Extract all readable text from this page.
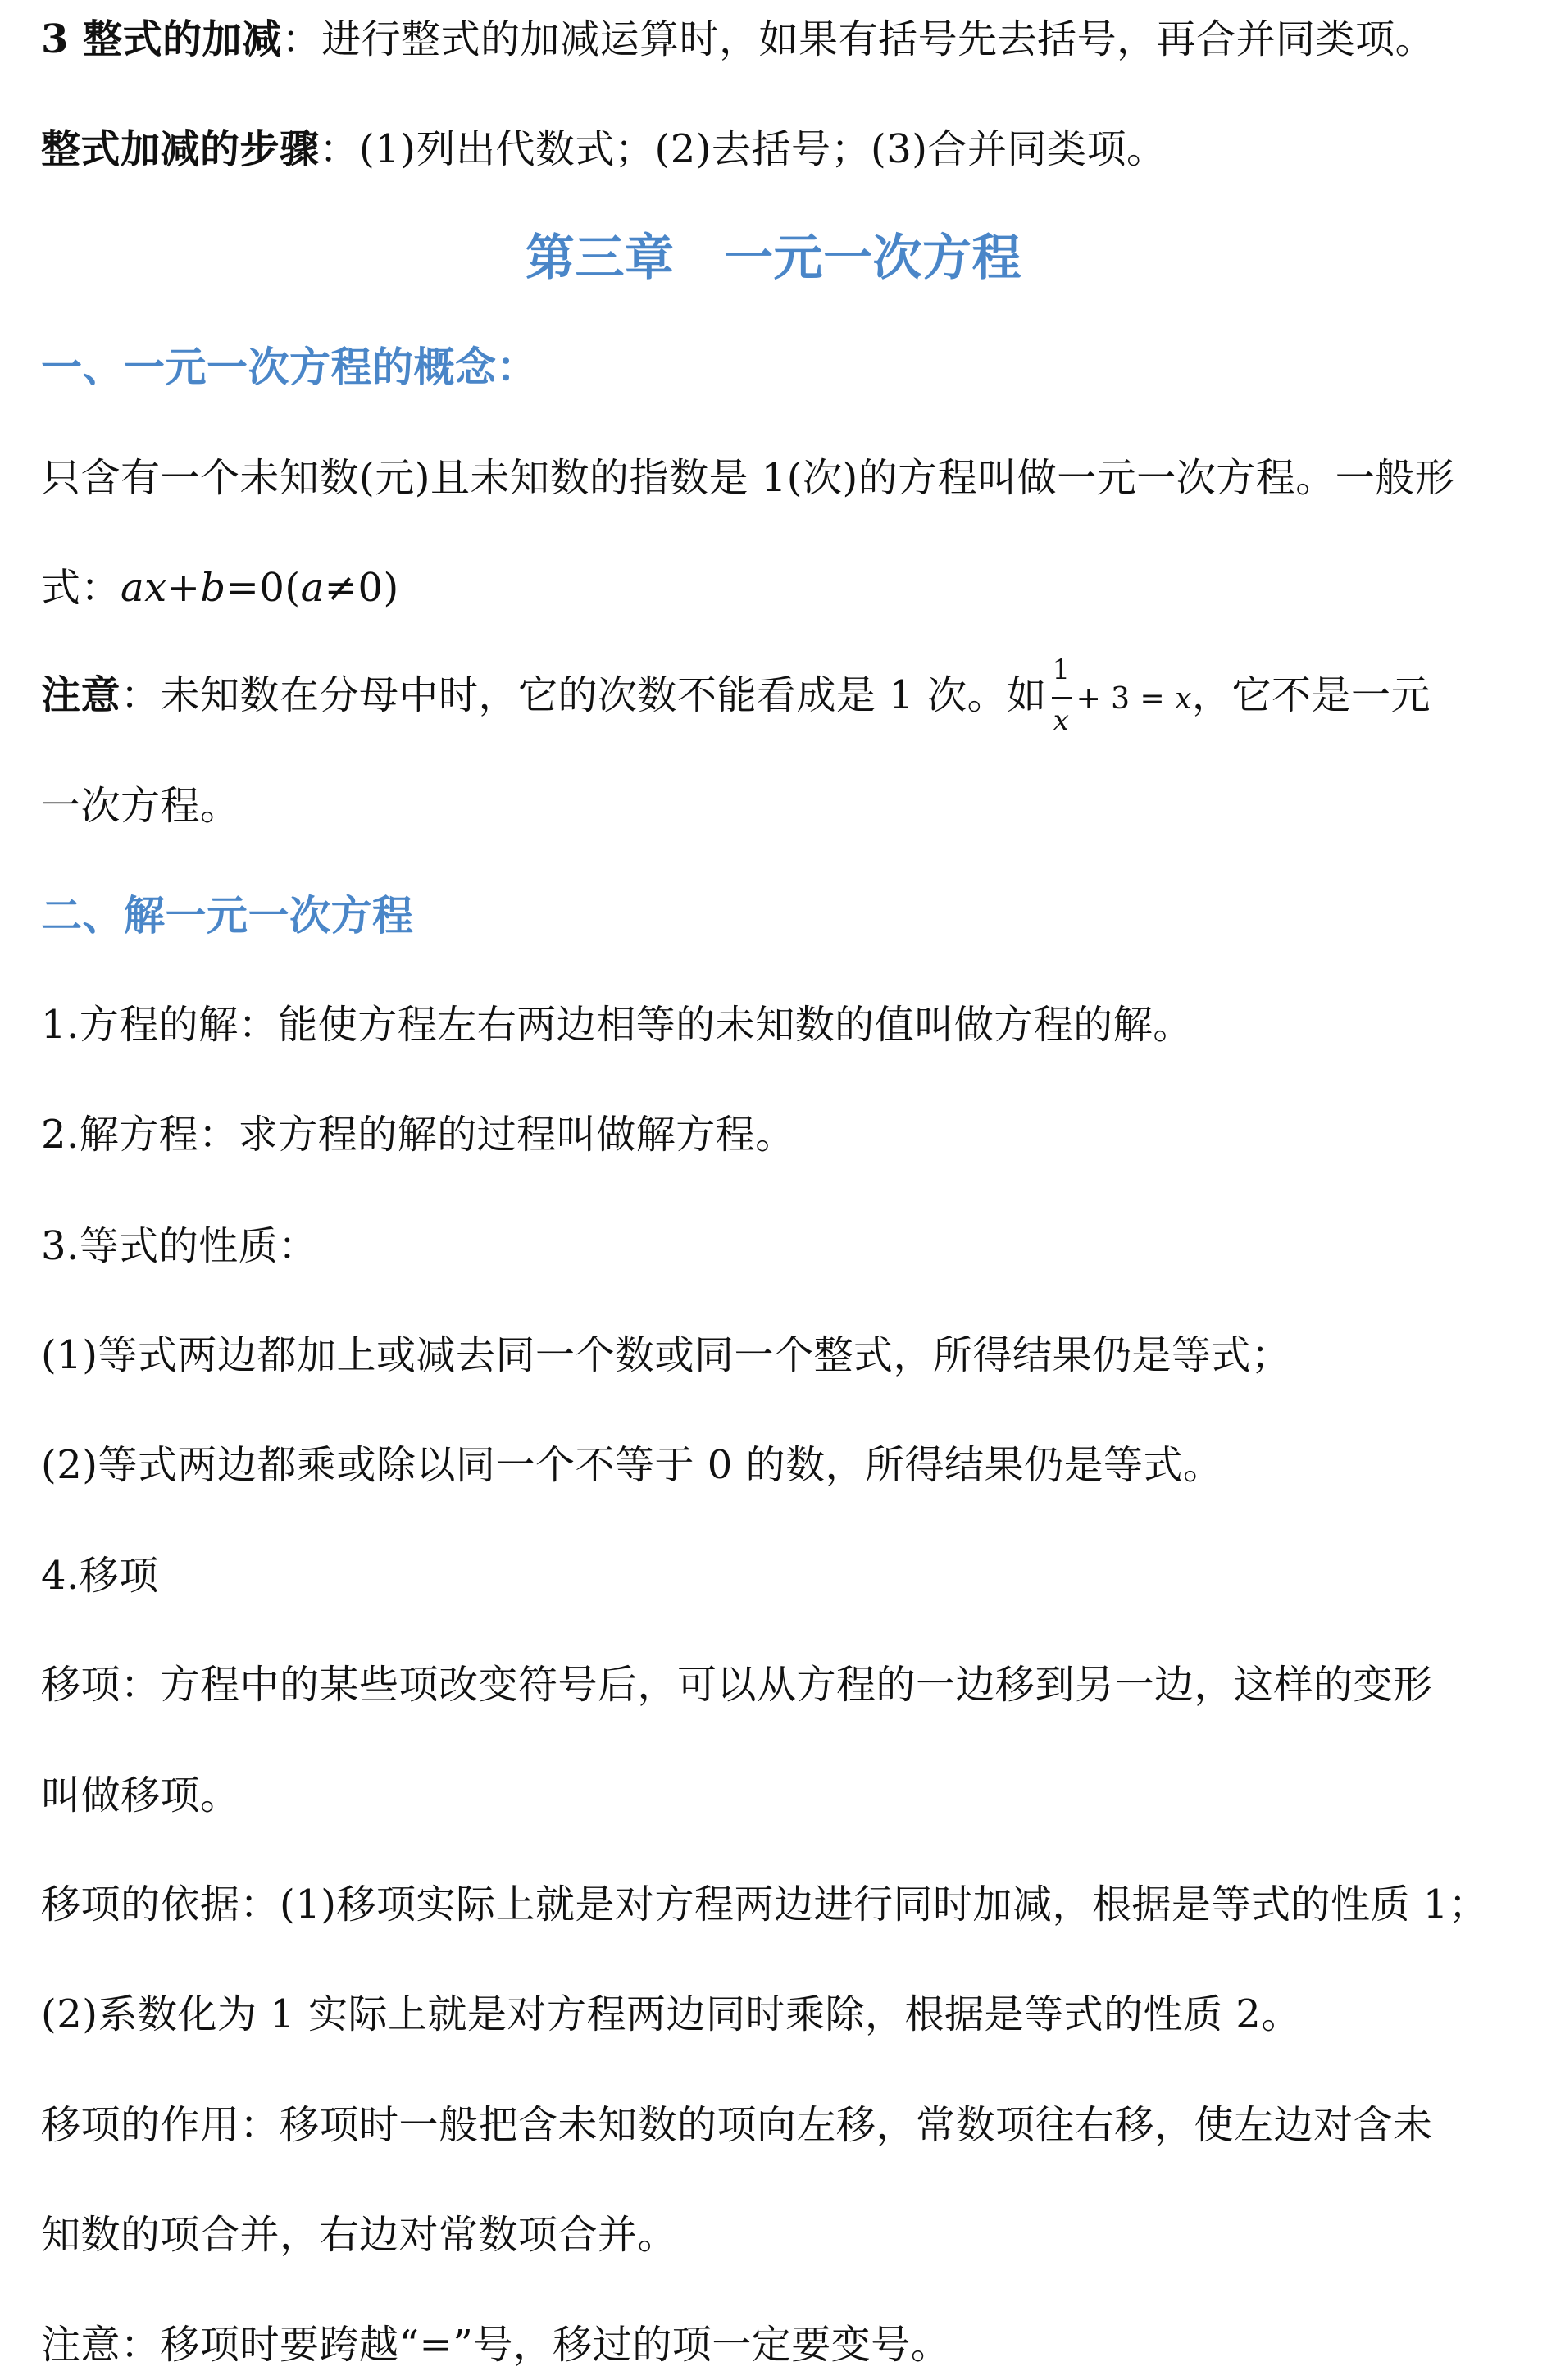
3 整式的加减：进行整式的加减运算时，如果有括号先去括号，再合并同类项。
整式加减的步骤：(1)列出代数式；(2)去括号；(3)合并同类项。
第三章　一元一次方程
一、一元一次方程的概念：
只含有一个未知数(元)且未知数的指数是 1(次)的方程叫做一元一次方程。一般形
式：ax+b=0(a≠0)
注意：未知数在分母中时，它的次数不能看成是 1 次。如 $\frac{1}{x} + 3 = x$，它不是一元
一次方程。
二、解一元一次方程
1.方程的解：能使方程左右两边相等的未知数的值叫做方程的解。
2.解方程：求方程的解的过程叫做解方程。
3.等式的性质：
(1)等式两边都加上或减去同一个数或同一个整式，所得结果仍是等式；
(2)等式两边都乘或除以同一个不等于 0 的数，所得结果仍是等式。
4.移项
移项：方程中的某些项改变符号后，可以从方程的一边移到另一边，这样的变形
叫做移项。
移项的依据：(1)移项实际上就是对方程两边进行同时加减，根据是等式的性质 1；
(2)系数化为 1 实际上就是对方程两边同时乘除，根据是等式的性质 2。
移项的作用：移项时一般把含未知数的项向左移，常数项往右移，使左边对含未
知数的项合并，右边对常数项合并。
注意：移项时要跨越“=”号，移过的项一定要变号。
